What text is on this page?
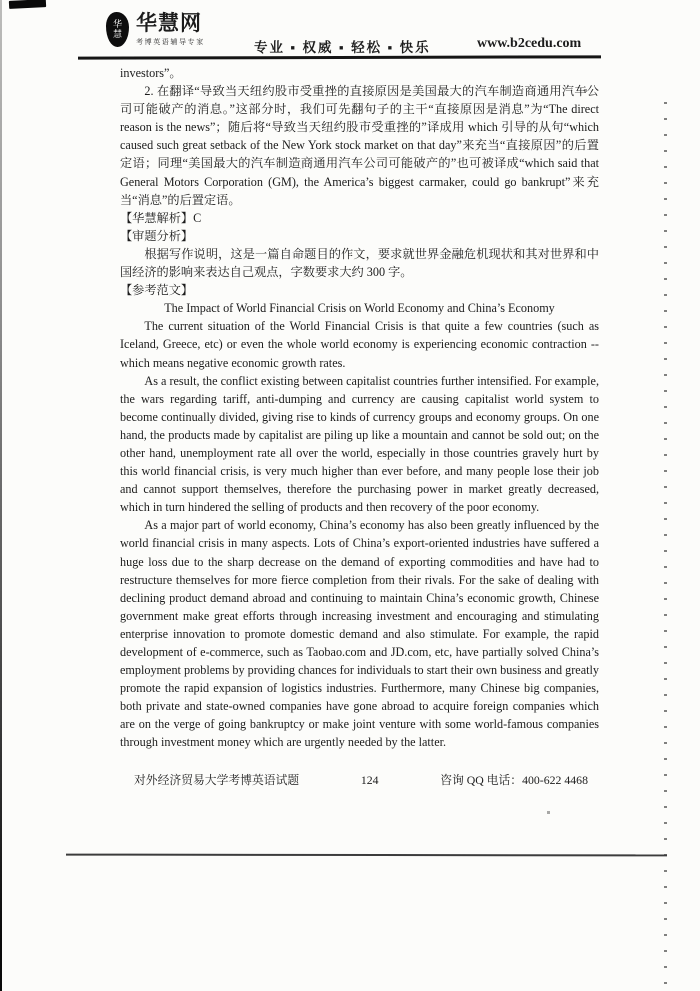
华慧 华慧网
考博英语辅导专家	专业 ▪ 权威 ▪ 轻松 ▪ 快乐	www.b2cedu.com

investors”。

2. 在翻译“导致当天纽约股市受重挫的直接原因是美国最大的汽车制造商通用汽车公司可能破产的消息。”这部分时，我们可先翻句子的主干“直接原因是消息”为“The direct reason is the news”；随后将“导致当天纽约股市受重挫的”译成用 which 引导的从句“which caused such great setback of the New York stock market on that day”来充当“直接原因”的后置定语；同理“美国最大的汽车制造商通用汽车公司可能破产的”也可被译成“which said that General Motors Corporation (GM), the America’s biggest carmaker, could go bankrupt”来充当“消息”的后置定语。

【华慧解析】C
【审题分析】

根据写作说明，这是一篇自命题目的作文，要求就世界金融危机现状和其对世界和中国经济的影响来表达自己观点，字数要求大约 300 字。

【参考范文】

The Impact of World Financial Crisis on World Economy and China’s Economy

The current situation of the World Financial Crisis is that quite a few countries (such as Iceland, Greece, etc) or even the whole world economy is experiencing economic contraction -- which means negative economic growth rates.

As a result, the conflict existing between capitalist countries further intensified. For example, the wars regarding tariff, anti-dumping and currency are causing capitalist world system to become continually divided, giving rise to kinds of currency groups and economy groups. On one hand, the products made by capitalist are piling up like a mountain and cannot be sold out; on the other hand, unemployment rate all over the world, especially in those countries gravely hurt by this world financial crisis, is very much higher than ever before, and many people lose their job and cannot support themselves, therefore the purchasing power in market greatly decreased, which in turn hindered the selling of products and then recovery of the poor economy.

As a major part of world economy, China’s economy has also been greatly influenced by the world financial crisis in many aspects. Lots of China’s export-oriented industries have suffered a huge loss due to the sharp decrease on the demand of exporting commodities and have had to restructure themselves for more fierce completion from their rivals. For the sake of dealing with declining product demand abroad and continuing to maintain China’s economic growth, Chinese government make great efforts through increasing investment and encouraging and stimulating enterprise innovation to promote domestic demand and also stimulate. For example, the rapid development of e-commerce, such as Taobao.com and JD.com, etc, have partially solved China’s employment problems by providing chances for individuals to start their own business and greatly promote the rapid expansion of logistics industries. Furthermore, many Chinese big companies, both private and state-owned companies have gone abroad to acquire foreign companies which are on the verge of going bankruptcy or make joint venture with some world-famous companies through investment money which are urgently needed by the latter.

对外经济贸易大学考博英语试题	124	咨询 QQ 电话：400-622 4468
